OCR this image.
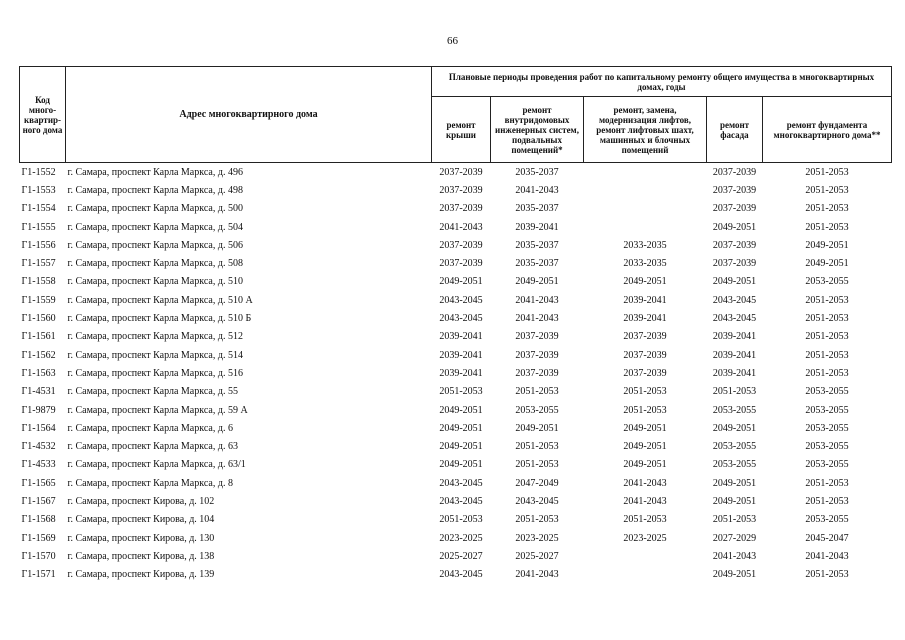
66
Код много-квартир-ного дома	Адрес многоквартирного дома	Плановые периоды проведения работ по капитальному ремонту общего имущества в многоквартирных домах, годы				
		ремонт крыши	ремонт внутридомовых инженерных систем, подвальных помещений*	ремонт, замена, модернизация лифтов, ремонт лифтовых шахт, машинных и блочных помещений	ремонт фасада	ремонт фундамента многоквартирного дома**
Г1-1552	г. Самара, проспект Карла Маркса, д. 496	2037-2039	2035-2037		2037-2039	2051-2053
Г1-1553	г. Самара, проспект Карла Маркса, д. 498	2037-2039	2041-2043		2037-2039	2051-2053
Г1-1554	г. Самара, проспект Карла Маркса, д. 500	2037-2039	2035-2037		2037-2039	2051-2053
Г1-1555	г. Самара, проспект Карла Маркса, д. 504	2041-2043	2039-2041		2049-2051	2051-2053
Г1-1556	г. Самара, проспект Карла Маркса, д. 506	2037-2039	2035-2037	2033-2035	2037-2039	2049-2051
Г1-1557	г. Самара, проспект Карла Маркса, д. 508	2037-2039	2035-2037	2033-2035	2037-2039	2049-2051
Г1-1558	г. Самара, проспект Карла Маркса, д. 510	2049-2051	2049-2051	2049-2051	2049-2051	2053-2055
Г1-1559	г. Самара, проспект Карла Маркса, д. 510 А	2043-2045	2041-2043	2039-2041	2043-2045	2051-2053
Г1-1560	г. Самара, проспект Карла Маркса, д. 510 Б	2043-2045	2041-2043	2039-2041	2043-2045	2051-2053
Г1-1561	г. Самара, проспект Карла Маркса, д. 512	2039-2041	2037-2039	2037-2039	2039-2041	2051-2053
Г1-1562	г. Самара, проспект Карла Маркса, д. 514	2039-2041	2037-2039	2037-2039	2039-2041	2051-2053
Г1-1563	г. Самара, проспект Карла Маркса, д. 516	2039-2041	2037-2039	2037-2039	2039-2041	2051-2053
Г1-4531	г. Самара, проспект Карла Маркса, д. 55	2051-2053	2051-2053	2051-2053	2051-2053	2053-2055
Г1-9879	г. Самара, проспект Карла Маркса, д. 59 А	2049-2051	2053-2055	2051-2053	2053-2055	2053-2055
Г1-1564	г. Самара, проспект Карла Маркса, д. 6	2049-2051	2049-2051	2049-2051	2049-2051	2053-2055
Г1-4532	г. Самара, проспект Карла Маркса, д. 63	2049-2051	2051-2053	2049-2051	2053-2055	2053-2055
Г1-4533	г. Самара, проспект Карла Маркса, д. 63/1	2049-2051	2051-2053	2049-2051	2053-2055	2053-2055
Г1-1565	г. Самара, проспект Карла Маркса, д. 8	2043-2045	2047-2049	2041-2043	2049-2051	2051-2053
Г1-1567	г. Самара, проспект Кирова, д. 102	2043-2045	2043-2045	2041-2043	2049-2051	2051-2053
Г1-1568	г. Самара, проспект Кирова, д. 104	2051-2053	2051-2053	2051-2053	2051-2053	2053-2055
Г1-1569	г. Самара, проспект Кирова, д. 130	2023-2025	2023-2025	2023-2025	2027-2029	2045-2047
Г1-1570	г. Самара, проспект Кирова, д. 138	2025-2027	2025-2027		2041-2043	2041-2043
Г1-1571	г. Самара, проспект Кирова, д. 139	2043-2045	2041-2043		2049-2051	2051-2053
